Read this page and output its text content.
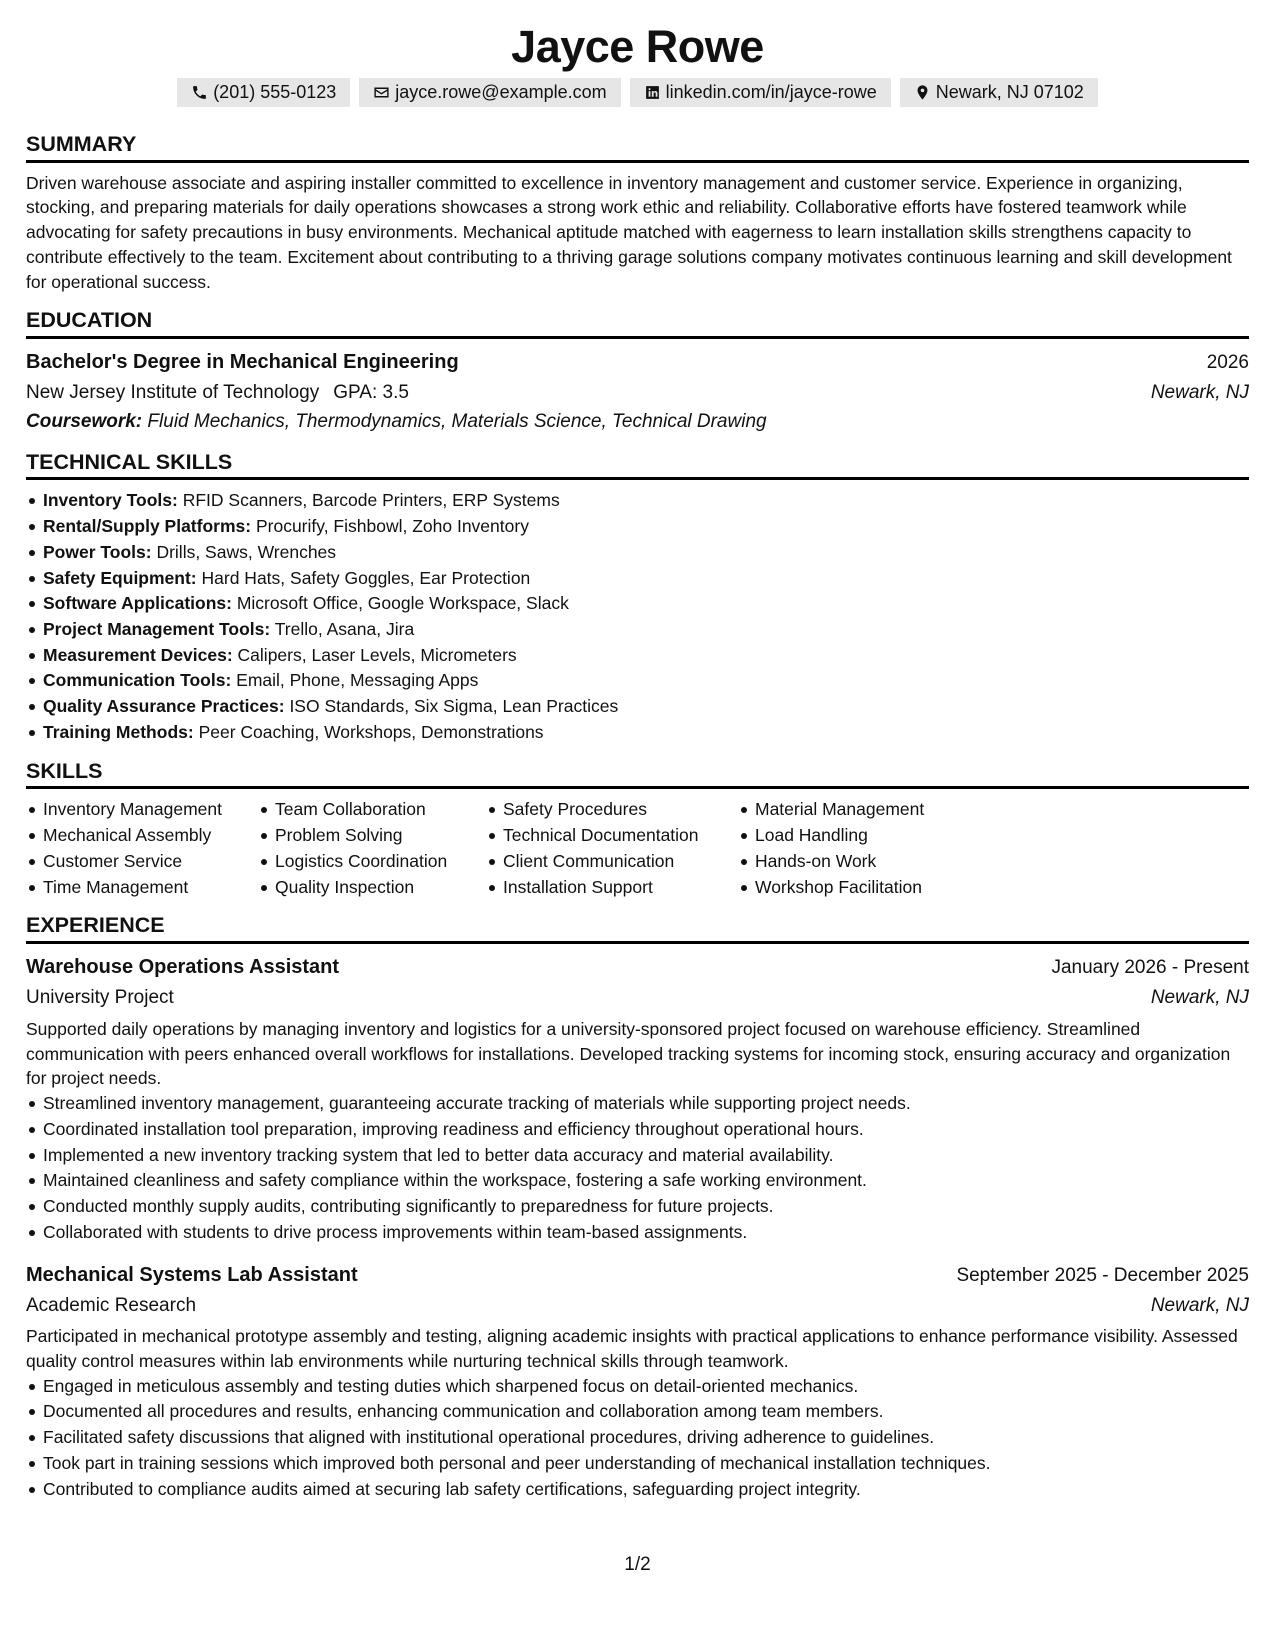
Jayce Rowe
(201) 555-0123	jayce.rowe@example.com	linkedin.com/in/jayce-rowe	Newark, NJ 07102
SUMMARY
Driven warehouse associate and aspiring installer committed to excellence in inventory management and customer service. Experience in organizing, stocking, and preparing materials for daily operations showcases a strong work ethic and reliability. Collaborative efforts have fostered teamwork while advocating for safety precautions in busy environments. Mechanical aptitude matched with eagerness to learn installation skills strengthens capacity to contribute effectively to the team. Excitement about contributing to a thriving garage solutions company motivates continuous learning and skill development for operational success.
EDUCATION
Bachelor's Degree in Mechanical Engineering	2026
New Jersey Institute of Technology GPA: 3.5	Newark, NJ
Coursework: Fluid Mechanics, Thermodynamics, Materials Science, Technical Drawing
TECHNICAL SKILLS
Inventory Tools: RFID Scanners, Barcode Printers, ERP Systems
Rental/Supply Platforms: Procurify, Fishbowl, Zoho Inventory
Power Tools: Drills, Saws, Wrenches
Safety Equipment: Hard Hats, Safety Goggles, Ear Protection
Software Applications: Microsoft Office, Google Workspace, Slack
Project Management Tools: Trello, Asana, Jira
Measurement Devices: Calipers, Laser Levels, Micrometers
Communication Tools: Email, Phone, Messaging Apps
Quality Assurance Practices: ISO Standards, Six Sigma, Lean Practices
Training Methods: Peer Coaching, Workshops, Demonstrations
SKILLS
Inventory Management
Mechanical Assembly
Customer Service
Time Management
Team Collaboration
Problem Solving
Logistics Coordination
Quality Inspection
Safety Procedures
Technical Documentation
Client Communication
Installation Support
Material Management
Load Handling
Hands-on Work
Workshop Facilitation
EXPERIENCE
Warehouse Operations Assistant	January 2026 - Present
University Project	Newark, NJ
Supported daily operations by managing inventory and logistics for a university-sponsored project focused on warehouse efficiency. Streamlined communication with peers enhanced overall workflows for installations. Developed tracking systems for incoming stock, ensuring accuracy and organization for project needs.
Streamlined inventory management, guaranteeing accurate tracking of materials while supporting project needs.
Coordinated installation tool preparation, improving readiness and efficiency throughout operational hours.
Implemented a new inventory tracking system that led to better data accuracy and material availability.
Maintained cleanliness and safety compliance within the workspace, fostering a safe working environment.
Conducted monthly supply audits, contributing significantly to preparedness for future projects.
Collaborated with students to drive process improvements within team-based assignments.
Mechanical Systems Lab Assistant	September 2025 - December 2025
Academic Research	Newark, NJ
Participated in mechanical prototype assembly and testing, aligning academic insights with practical applications to enhance performance visibility. Assessed quality control measures within lab environments while nurturing technical skills through teamwork.
Engaged in meticulous assembly and testing duties which sharpened focus on detail-oriented mechanics.
Documented all procedures and results, enhancing communication and collaboration among team members.
Facilitated safety discussions that aligned with institutional operational procedures, driving adherence to guidelines.
Took part in training sessions which improved both personal and peer understanding of mechanical installation techniques.
Contributed to compliance audits aimed at securing lab safety certifications, safeguarding project integrity.
1/2
